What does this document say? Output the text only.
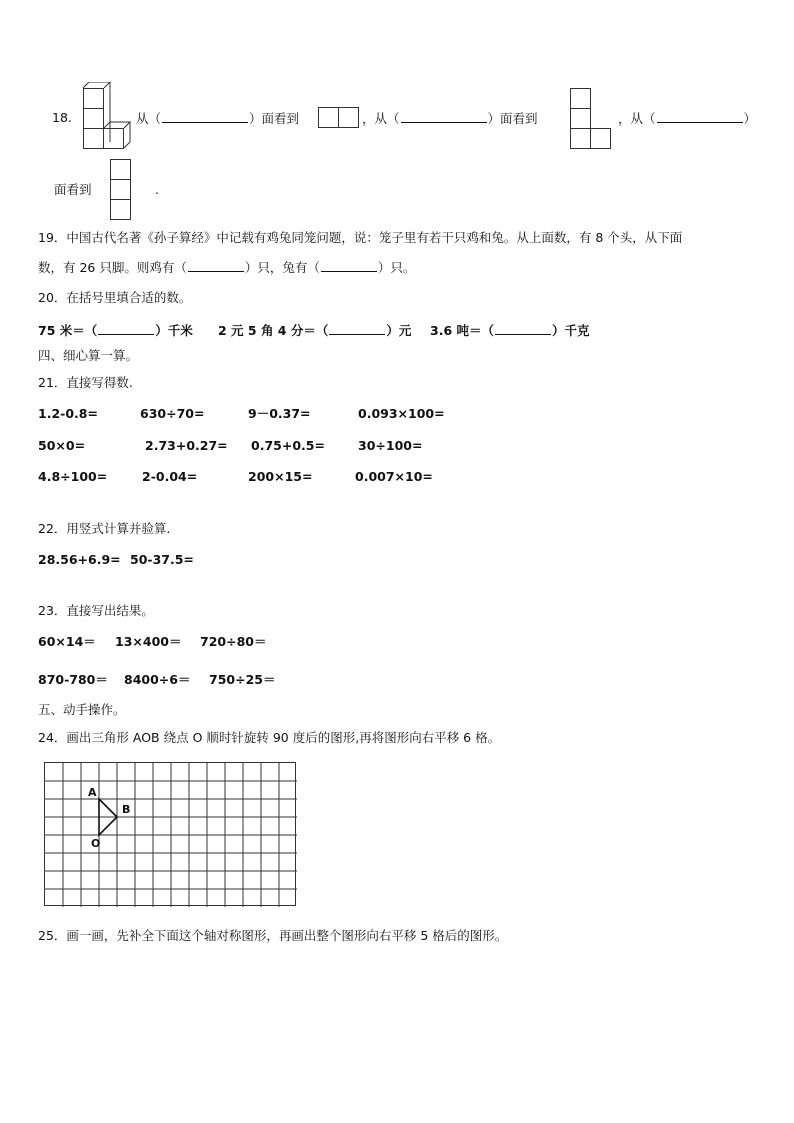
18.	从（	）面看到	，从（	）面看到	，从（	）
面看到	.
19．中国古代名著《孙子算经》中记载有鸡兔同笼问题，说：笼子里有若干只鸡和兔。从上面数，有 8 个头，从下面
数，有 26 只脚。则鸡有（	）只，兔有（	）只。
20．在括号里填合适的数。
75 米＝（	）千米 2 元 5 角 4 分＝（	）元 3.6 吨＝（	）千克
四、细心算一算。
21．直接写得数.
1.2-0.8=	630÷70=	9－0.37=	0.093×100=
50×0=	2.73+0.27= 0.75+0.5=	30÷100=
4.8÷100=	2-0.04=	200×15=	0.007×10=
22．用竖式计算并验算.
28.56+6.9= 50-37.5=
23．直接写出结果。
60×14＝ 13×400＝ 720÷80＝
870-780＝ 8400÷6＝ 750÷25＝
五、动手操作。
24．画出三角形 AOB 绕点 O 顺时针旋转 90 度后的图形,再将图形向右平移 6 格。
A
B
O
25．画一画，先补全下面这个轴对称图形，再画出整个图形向右平移 5 格后的图形。
